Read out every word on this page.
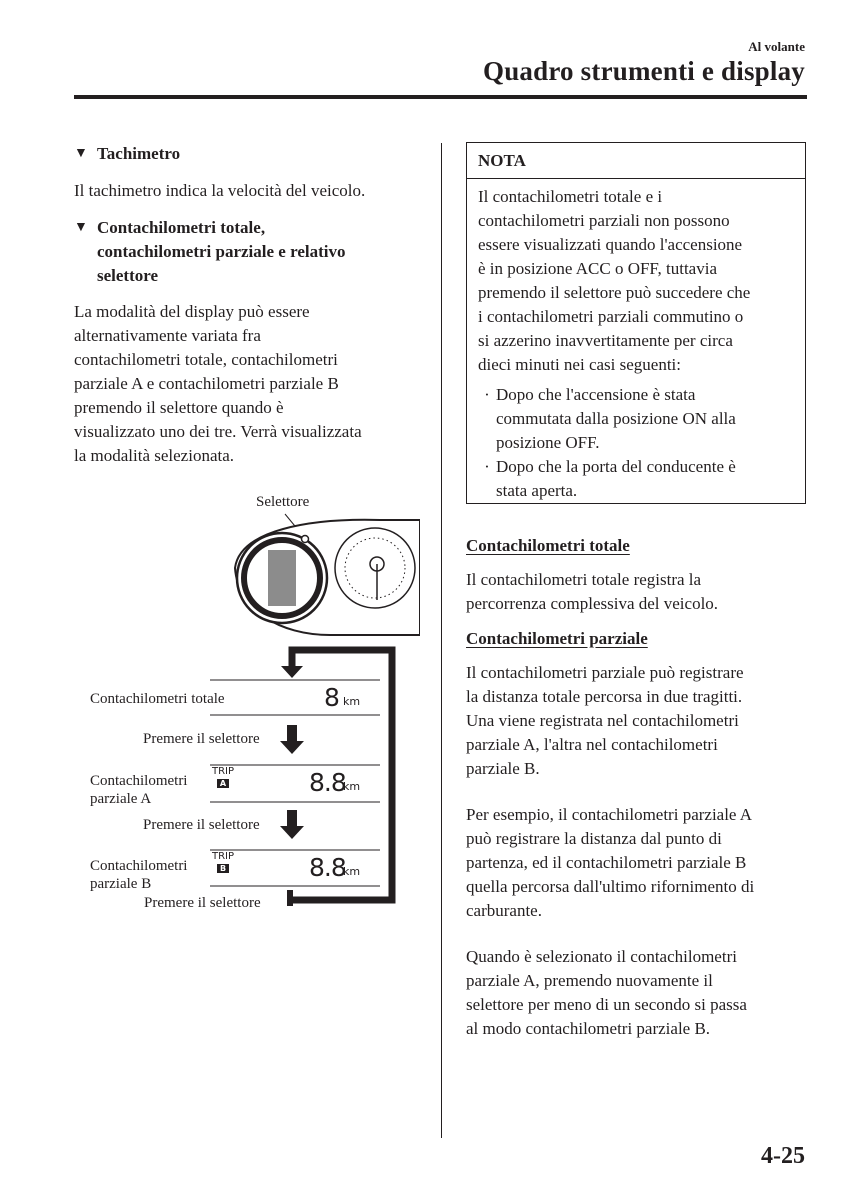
Al volante
Quadro strumenti e display
▼ Tachimetro

Il tachimetro indica la velocità del veicolo.

▼ Contachilometri totale,
contachilometri parziale e relativo
selettore
La modalità del display può essere
alternativamente variata fra
contachilometri totale, contachilometri
parziale A e contachilometri parziale B
premendo il selettore quando è
visualizzato uno dei tre. Verrà visualizzata
la modalità selezionata.
Selettore
Contachilometri totale	8 km
Premere il selettore
Contachilometri
parziale A
TRIP
A	8.8
km
Premere il selettore
Contachilometri
parziale B
TRIP
B	8.8
km
Premere il selettore
NOTA
Il contachilometri totale e i
contachilometri parziali non possono
essere visualizzati quando l'accensione
è in posizione ACC o OFF, tuttavia
premendo il selettore può succedere che
i contachilometri parziali commutino o
si azzerino inavvertitamente per circa
dieci minuti nei casi seguenti:
· Dopo che l'accensione è stata
commutata dalla posizione ON alla
posizione OFF.
· Dopo che la porta del conducente è
stata aperta.
Contachilometri totale
Il contachilometri totale registra la
percorrenza complessiva del veicolo.
Contachilometri parziale
Il contachilometri parziale può registrare
la distanza totale percorsa in due tragitti.
Una viene registrata nel contachilometri
parziale A, l'altra nel contachilometri
parziale B.
Per esempio, il contachilometri parziale A
può registrare la distanza dal punto di
partenza, ed il contachilometri parziale B
quella percorsa dall'ultimo rifornimento di
carburante.
Quando è selezionato il contachilometri
parziale A, premendo nuovamente il
selettore per meno di un secondo si passa
al modo contachilometri parziale B.
4-25
